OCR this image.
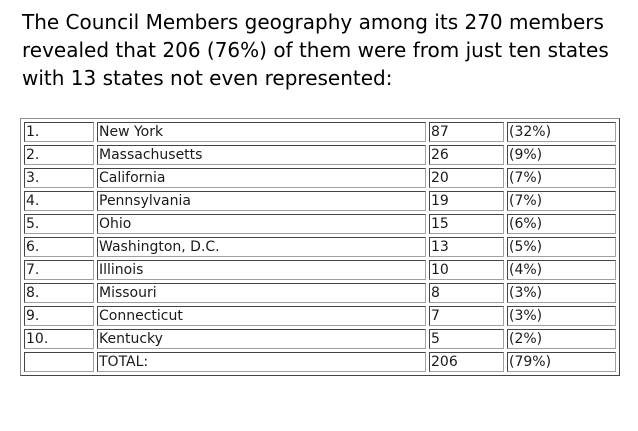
The Council Members geography among its 270 members

revealed that 206 (76%) of them were from just ten states

with 13 states not even represented:

1.	New York	87	(32%)
2.	Massachusetts	26	(9%)
3.	California	20	(7%)
4.	Pennsylvania	19	(7%)
5.	Ohio	15	(6%)
6.	Washington, D.C.	13	(5%)
7.	Illinois	10	(4%)
8.	Missouri	8	(3%)
9.	Connecticut	7	(3%)
10.	Kentucky	5	(2%)
	TOTAL:	206	(79%)
